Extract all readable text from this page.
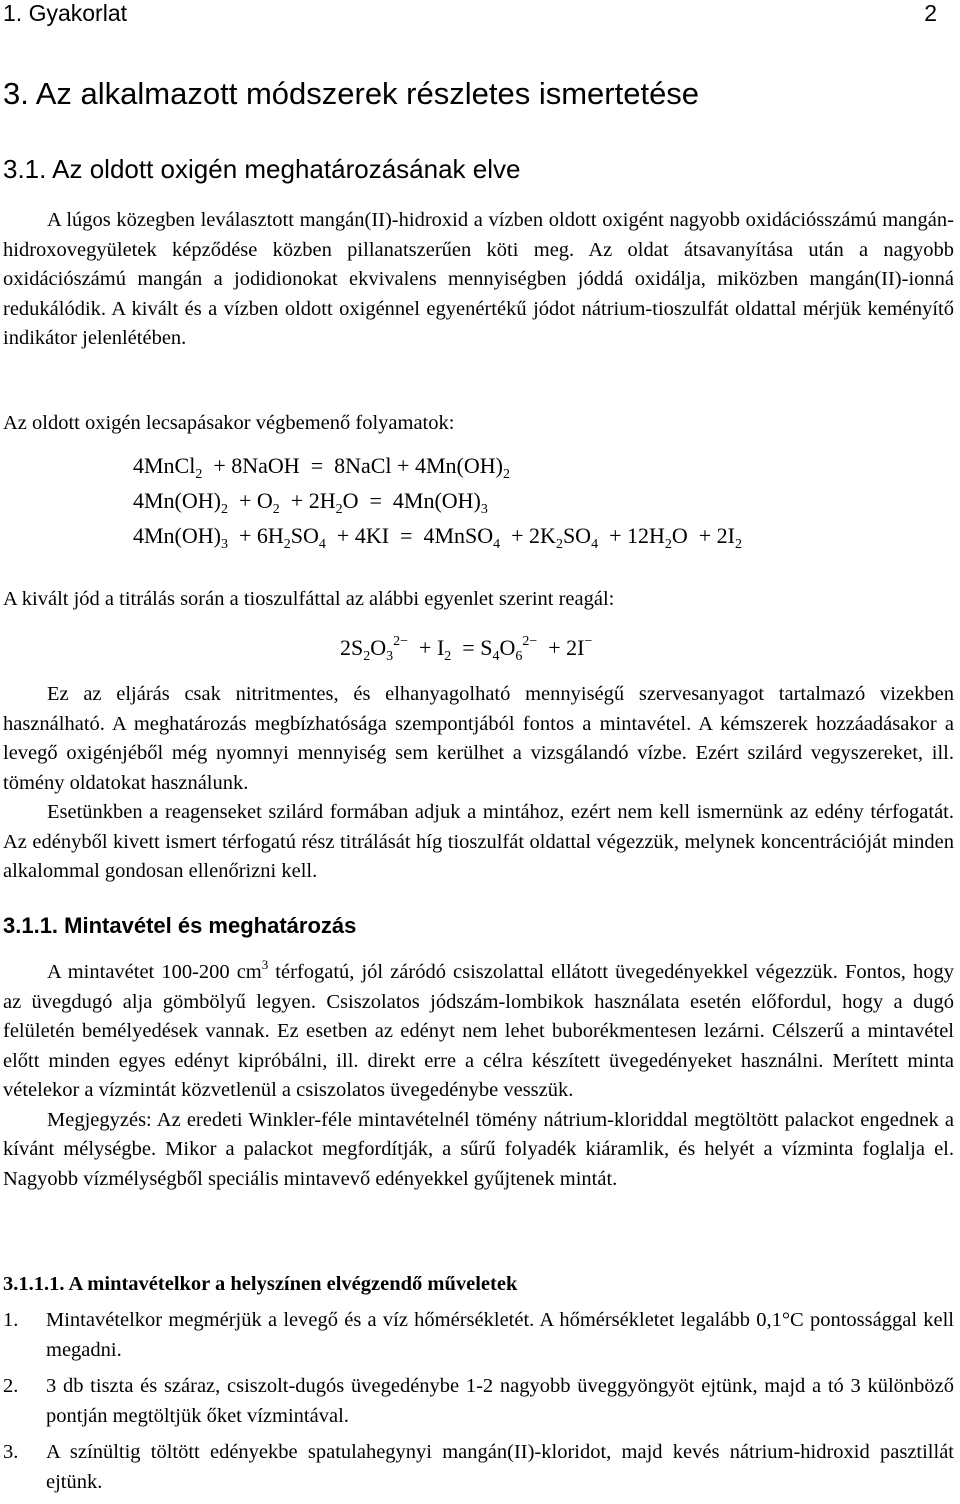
1. Gyakorlat	2
3. Az alkalmazott módszerek részletes ismertetése
3.1. Az oldott oxigén meghatározásának elve
A lúgos közegben leválasztott mangán(II)-hidroxid a vízben oldott oxigént nagyobb oxidációsszámú mangán-hidroxovegyületek képződése közben pillanatszerűen köti meg. Az oldat átsavanyítása után a nagyobb oxidációszámú mangán a jodidionokat ekvivalens mennyiségben jóddá oxidálja, miközben mangán(II)-ionná redukálódik. A kivált és a vízben oldott oxigénnel egyenértékű jódot nátrium-tioszulfát oldattal mérjük keményítő indikátor jelenlétében.
Az oldott oxigén lecsapásakor végbemenő folyamatok:
4MnCl$_2$  + 8NaOH  =  8NaCl + $4Mn(OH)_2$
$4Mn(OH)_2 + O_2 + 2H_2O = 4Mn(OH)_3$
$4Mn(OH)_3 + 6H_2SO_4 + 4KI$  =  4MnSO$_4$  + $2K_2SO_4 + 12H_2O + 2I_2$
A kivált jód a titrálás során a tioszulfáttal az alábbi egyenlet szerint reagál:
$2S_2O_3^{2-} + I_2 = S_4O_6^{2-} + 2I^-$

Ez az eljárás csak nitritmentes, és elhanyagolható mennyiségű szervesanyagot tartalmazó vizekben használható. A meghatározás megbízhatósága szempontjából fontos a mintavétel. A kémszerek hozzáadásakor a levegő oxigénjéből még nyomnyi mennyiség sem kerülhet a vizsgálandó vízbe. Ezért szilárd vegyszereket, ill. tömény oldatokat használunk.

Esetünkben a reagenseket szilárd formában adjuk a mintához, ezért nem kell ismernünk az edény térfogatát. Az edényből kivett ismert térfogatú rész titrálását híg tioszulfát oldattal végezzük, melynek koncentrációját minden alkalommal gondosan ellenőrizni kell.

3.1.1. Mintavétel és meghatározás

A mintavétet 100-200 $cm^3$ térfogatú, jól záródó csiszolattal ellátott üvegedényekkel végezzük. Fontos, hogy az üvegdugó alja gömbölyű legyen. Csiszolatos jódszám-lombikok használata esetén előfordul, hogy a dugó felületén bemélyedések vannak. Ez esetben az edényt nem lehet buborékmentesen lezárni. Célszerű a mintavétel előtt minden egyes edényt kipróbálni, ill. direkt erre a célra készített üvegedényeket használni. Merített minta vételekor a vízmintát közvetlenül a csiszolatos üvegedénybe vesszük.

Megjegyzés: Az eredeti Winkler-féle mintavételnél tömény nátrium-kloriddal megtöltött palackot engednek a kívánt mélységbe. Mikor a palackot megfordítják, a sűrű folyadék kiáramlik, és helyét a vízminta foglalja el. Nagyobb vízmélységből speciális mintavevő edényekkel gyűjtenek mintát.

3.1.1.1. A mintavételkor a helyszínen elvégzendő műveletek
1. Mintavételkor megmérjük a levegő és a víz hőmérsékletét. A hőmérsékletet legalább 0,1°C pontossággal kell megadni.
2. 3 db tiszta és száraz, csiszolt-dugós üvegedénybe 1-2 nagyobb üveggyöngyöt ejtünk, majd a tó 3 különböző pontján megtöltjük őket vízmintával.
3. A színültig töltött edényekbe spatulahegynyi mangán(II)-kloridot, majd kevés nátrium-hidroxid pasztillát ejtünk.
